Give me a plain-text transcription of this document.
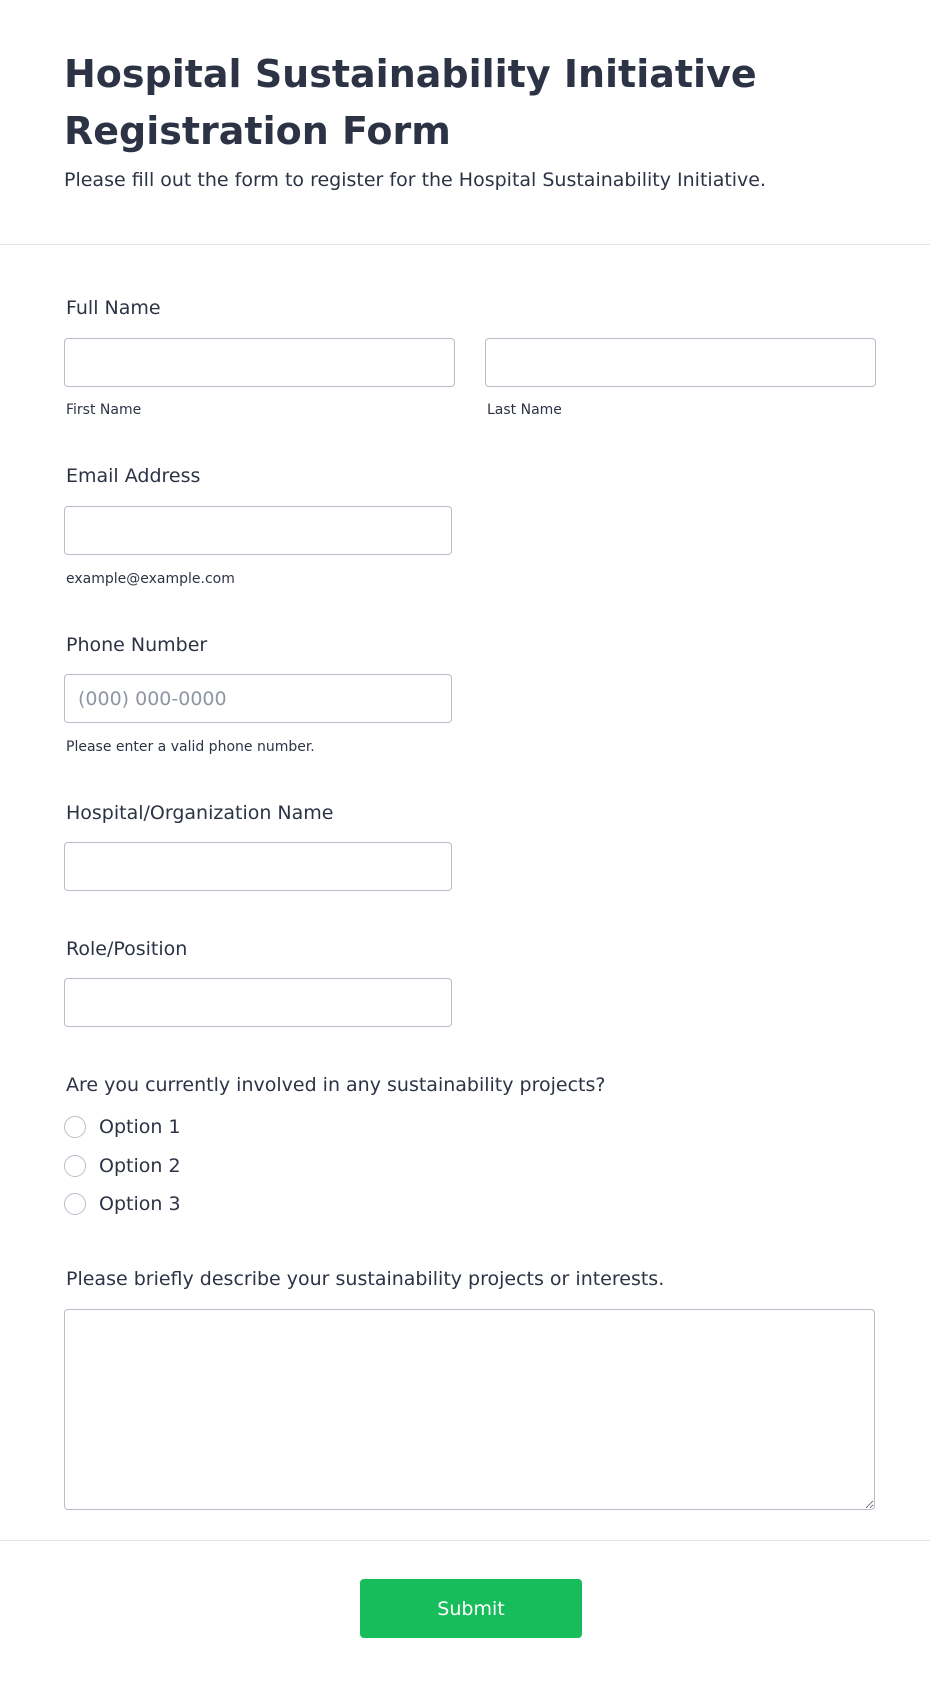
Hospital Sustainability Initiative Registration Form

Please fill out the form to register for the Hospital Sustainability Initiative.

Full Name
First Name	Last Name
Email Address
example@example.com
Phone Number
(000) 000-0000
Please enter a valid phone number.
Hospital/Organization Name
Role/Position
Are you currently involved in any sustainability projects?
Option 1
Option 2
Option 3
Please briefly describe your sustainability projects or interests.
Submit
